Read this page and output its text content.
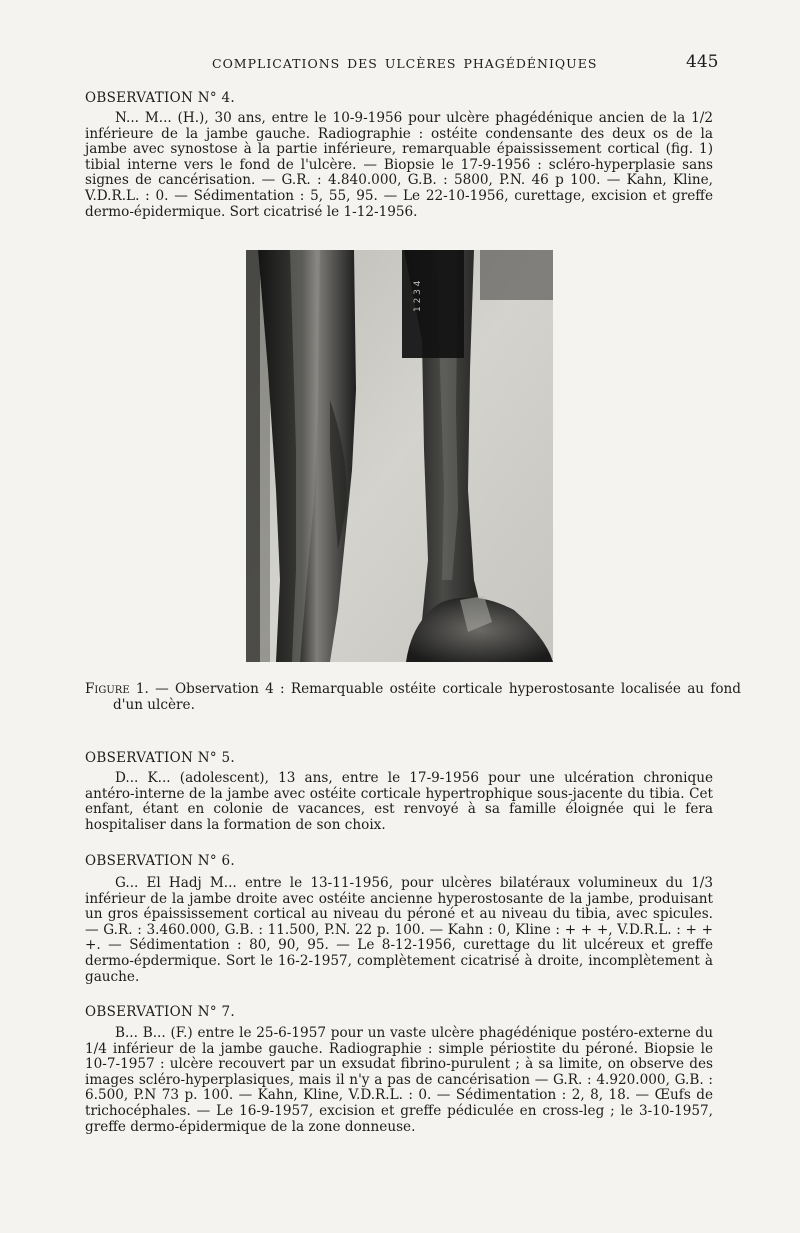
COMPLICATIONS DES ULCÈRES PHAGÉDÉNIQUES	445
OBSERVATION N° 4.

N... M... (H.), 30 ans, entre le 10-9-1956 pour ulcère phagédénique ancien de la 1/2 inférieure de la jambe gauche. Radiographie : ostéite condensante des deux os de la jambe avec synostose à la partie inférieure, remarquable épaississement cortical (fig. 1) tibial interne vers le fond de l'ulcère. — Biopsie le 17-9-1956 : scléro-hyperplasie sans signes de cancérisation. — G.R. : 4.840.000, G.B. : 5800, P.N. 46 p 100. — Kahn, Kline, V.D.R.L. : 0. — Sédimentation : 5, 55, 95. — Le 22-10-1956, curettage, excision et greffe dermo-épidermique. Sort cicatrisé le 1-12-1956.

1 2 3 4

Figure 1. — Observation 4 : Remarquable ostéite corticale hyperostosante localisée au fond d'un ulcère.

OBSERVATION N° 5.

D... K... (adolescent), 13 ans, entre le 17-9-1956 pour une ulcération chronique antéro-interne de la jambe avec ostéite corticale hypertrophique sous-jacente du tibia. Cet enfant, étant en colonie de vacances, est renvoyé à sa famille éloignée qui le fera hospitaliser dans la formation de son choix.

OBSERVATION N° 6.

G... El Hadj M... entre le 13-11-1956, pour ulcères bilatéraux volumineux du 1/3 inférieur de la jambe droite avec ostéite ancienne hyperostosante de la jambe, produisant un gros épaississement cortical au niveau du péroné et au niveau du tibia, avec spicules. — G.R. : 3.460.000, G.B. : 11.500, P.N. 22 p. 100. — Kahn : 0, Kline : + + +, V.D.R.L. : + + +. — Sédimentation : 80, 90, 95. — Le 8-12-1956, curettage du lit ulcéreux et greffe dermo-épdermique. Sort le 16-2-1957, complètement cicatrisé à droite, incomplètement à gauche.

OBSERVATION N° 7.

B... B... (F.) entre le 25-6-1957 pour un vaste ulcère phagédénique postéro-externe du 1/4 inférieur de la jambe gauche. Radiographie : simple périostite du péroné. Biopsie le 10-7-1957 : ulcère recouvert par un exsudat fibrino-purulent ; à sa limite, on observe des images scléro-hyperplasiques, mais il n'y a pas de cancérisation — G.R. : 4.920.000, G.B. : 6.500, P.N 73 p. 100. — Kahn, Kline, V.D.R.L. : 0. — Sédimentation : 2, 8, 18. — Œufs de trichocéphales. — Le 16-9-1957, excision et greffe pédiculée en cross-leg ; le 3-10-1957, greffe dermo-épidermique de la zone donneuse.
